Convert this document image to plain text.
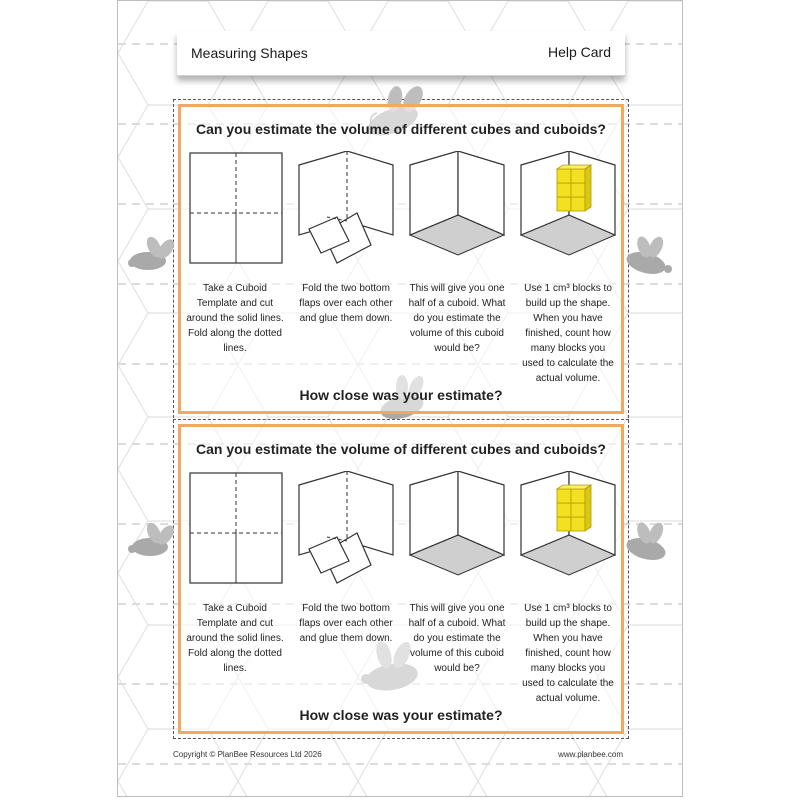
Measuring Shapes	Help Card
Can you estimate the volume of different cubes and cuboids?
Take a Cuboid Template and cut around the solid lines. Fold along the dotted lines.
Fold the two bottom flaps over each other and glue them down.
This will give you one half of a cuboid. What do you estimate the volume of this cuboid would be?
Use 1 cm³ blocks to build up the shape. When you have finished, count how many blocks you used to calculate the actual volume.
How close was your estimate?
Can you estimate the volume of different cubes and cuboids?
Take a Cuboid Template and cut around the solid lines. Fold along the dotted lines.
Fold the two bottom flaps over each other and glue them down.
This will give you one half of a cuboid. What do you estimate the volume of this cuboid would be?
Use 1 cm³ blocks to build up the shape. When you have finished, count how many blocks you used to calculate the actual volume.
How close was your estimate?
Copyright © PlanBee Resources Ltd 2026	www.planbee.com
